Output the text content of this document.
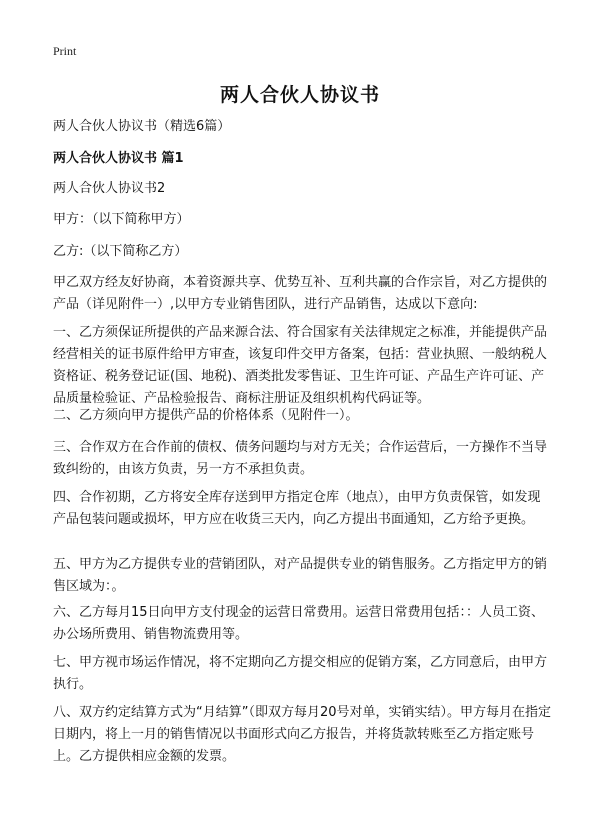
Print
两人合伙人协议书
两人合伙人协议书（精选6篇）
两人合伙人协议书 篇1
两人合伙人协议书2
甲方：（以下简称甲方）
乙方:（以下简称乙方）
甲乙双方经友好协商，本着资源共享、优势互补、互利共赢的合作宗旨，对乙方提供的产品（详见附件一）,以甲方专业销售团队，进行产品销售，达成以下意向:
一、乙方须保证所提供的产品来源合法、符合国家有关法律规定之标准，并能提供产品经营相关的证书原件给甲方审查，该复印件交甲方备案，包括：营业执照、一般纳税人资格证、税务登记证(国、地税)、酒类批发零售证、卫生许可证、产品生产许可证、产品质量检验证、产品检验报告、商标注册证及组织机构代码证等。
二、乙方须向甲方提供产品的价格体系（见附件一）。
三、合作双方在合作前的债权、债务问题均与对方无关；合作运营后，一方操作不当导致纠纷的，由该方负责，另一方不承担负责。
四、合作初期，乙方将安全库存送到甲方指定仓库（地点），由甲方负责保管，如发现产品包装问题或损坏，甲方应在收货三天内，向乙方提出书面通知，乙方给予更换。
五、甲方为乙方提供专业的营销团队，对产品提供专业的销售服务。乙方指定甲方的销售区域为：。
六、乙方每月15日向甲方支付现金的运营日常费用。运营日常费用包括：：人员工资、办公场所费用、销售物流费用等。
七、甲方视市场运作情况，将不定期向乙方提交相应的促销方案，乙方同意后，由甲方执行。
八、双方约定结算方式为“月结算”（即双方每月20号对单，实销实结）。甲方每月在指定日期内，将上一月的销售情况以书面形式向乙方报告，并将货款转账至乙方指定账号上。乙方提供相应金额的发票。
